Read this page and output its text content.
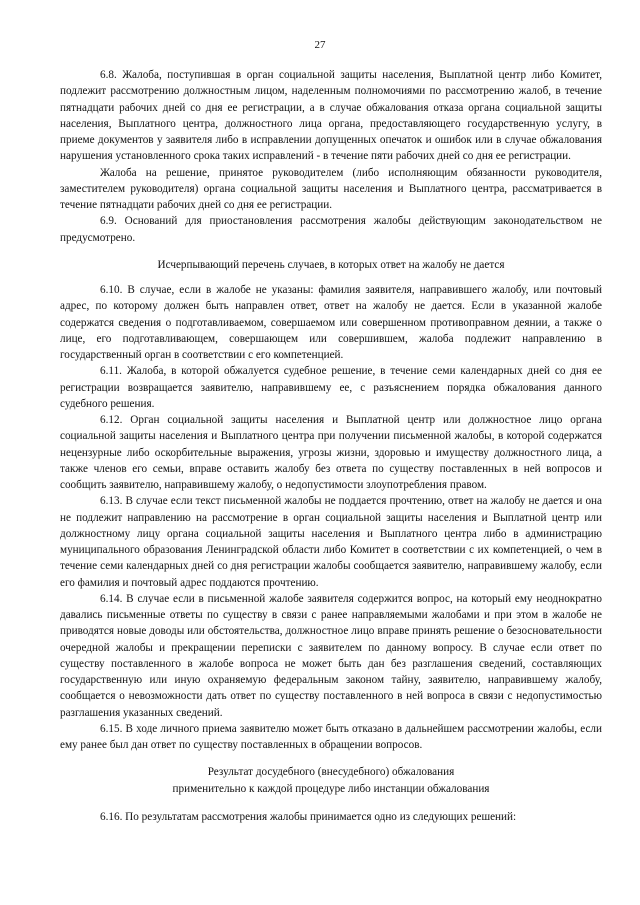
27

6.8. Жалоба, поступившая в орган социальной защиты населения, Выплатной центр либо Комитет, подлежит рассмотрению должностным лицом, наделенным полномочиями по рассмотрению жалоб, в течение пятнадцати рабочих дней со дня ее регистрации, а в случае обжалования отказа органа социальной защиты населения, Выплатного центра, должностного лица органа, предоставляющего государственную услугу, в приеме документов у заявителя либо в исправлении допущенных опечаток и ошибок или в случае обжалования нарушения установленного срока таких исправлений - в течение пяти рабочих дней со дня ее регистрации.

Жалоба на решение, принятое руководителем (либо исполняющим обязанности руководителя, заместителем руководителя) органа социальной защиты населения и Выплатного центра, рассматривается в течение пятнадцати рабочих дней со дня ее регистрации.

6.9. Оснований для приостановления рассмотрения жалобы действующим законодательством не предусмотрено.

Исчерпывающий перечень случаев, в которых ответ на жалобу не дается

6.10. В случае, если в жалобе не указаны: фамилия заявителя, направившего жалобу, или почтовый адрес, по которому должен быть направлен ответ, ответ на жалобу не дается. Если в указанной жалобе содержатся сведения о подготавливаемом, совершаемом или совершенном противоправном деянии, а также о лице, его подготавливающем, совершающем или совершившем, жалоба подлежит направлению в государственный орган в соответствии с его компетенцией.

6.11. Жалоба, в которой обжалуется судебное решение, в течение семи календарных дней со дня ее регистрации возвращается заявителю, направившему ее, с разъяснением порядка обжалования данного судебного решения.

6.12. Орган социальной защиты населения и Выплатной центр или должностное лицо органа социальной защиты населения и Выплатного центра при получении письменной жалобы, в которой содержатся нецензурные либо оскорбительные выражения, угрозы жизни, здоровью и имуществу должностного лица, а также членов его семьи, вправе оставить жалобу без ответа по существу поставленных в ней вопросов и сообщить заявителю, направившему жалобу, о недопустимости злоупотребления правом.

6.13. В случае если текст письменной жалобы не поддается прочтению, ответ на жалобу не дается и она не подлежит направлению на рассмотрение в орган социальной защиты населения и Выплатной центр или должностному лицу органа социальной защиты населения и Выплатного центра либо в администрацию муниципального образования Ленинградской области либо Комитет в соответствии с их компетенцией, о чем в течение семи календарных дней со дня регистрации жалобы сообщается заявителю, направившему жалобу, если его фамилия и почтовый адрес поддаются прочтению.

6.14. В случае если в письменной жалобе заявителя содержится вопрос, на который ему неоднократно давались письменные ответы по существу в связи с ранее направляемыми жалобами и при этом в жалобе не приводятся новые доводы или обстоятельства, должностное лицо вправе принять решение о безосновательности очередной жалобы и прекращении переписки с заявителем по данному вопросу. В случае если ответ по существу поставленного в жалобе вопроса не может быть дан без разглашения сведений, составляющих государственную или иную охраняемую федеральным законом тайну, заявителю, направившему жалобу, сообщается о невозможности дать ответ по существу поставленного в ней вопроса в связи с недопустимостью разглашения указанных сведений.

6.15. В ходе личного приема заявителю может быть отказано в дальнейшем рассмотрении жалобы, если ему ранее был дан ответ по существу поставленных в обращении вопросов.

Результат досудебного (внесудебного) обжалования

применительно к каждой процедуре либо инстанции обжалования

6.16. По результатам рассмотрения жалобы принимается одно из следующих решений:
